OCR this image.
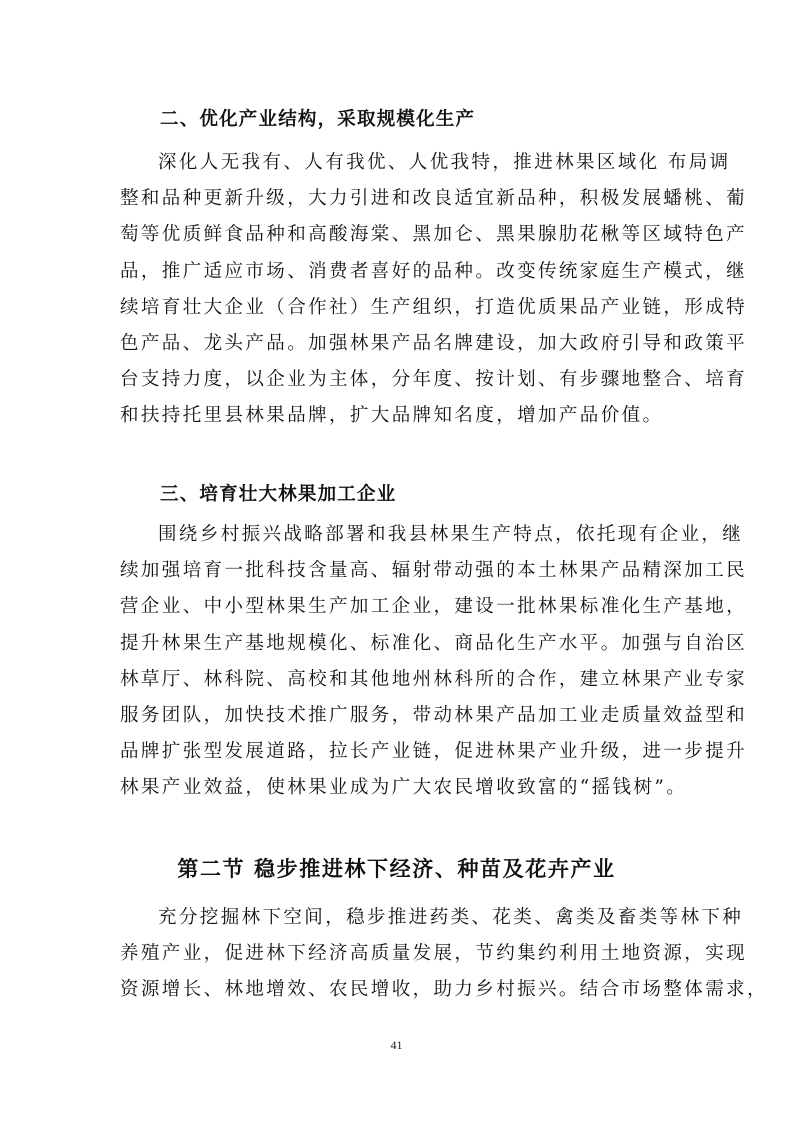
二、优化产业结构，采取规模化生产
深化人无我有、人有我优、人优我特，推进林果区域化 布局调
整和品种更新升级，大力引进和改良适宜新品种，积极发展蟠桃、葡
萄等优质鲜食品种和高酸海棠、黑加仑、黑果腺肋花楸等区域特色产
品，推广适应市场、消费者喜好的品种。改变传统家庭生产模式，继
续培育壮大企业（合作社）生产组织，打造优质果品产业链，形成特
色产品、龙头产品。加强林果产品名牌建设，加大政府引导和政策平
台支持力度，以企业为主体，分年度、按计划、有步骤地整合、培育
和扶持托里县林果品牌，扩大品牌知名度，增加产品价值。
三、培育壮大林果加工企业
围绕乡村振兴战略部署和我县林果生产特点，依托现有企业，继
续加强培育一批科技含量高、辐射带动强的本土林果产品精深加工民
营企业、中小型林果生产加工企业，建设一批林果标准化生产基地，
提升林果生产基地规模化、标准化、商品化生产水平。加强与自治区
林草厅、林科院、高校和其他地州林科所的合作，建立林果产业专家
服务团队，加快技术推广服务，带动林果产品加工业走质量效益型和
品牌扩张型发展道路，拉长产业链，促进林果产业升级，进一步提升
林果产业效益，使林果业成为广大农民增收致富的“摇钱树”。
第二节 稳步推进林下经济、种苗及花卉产业
充分挖掘林下空间，稳步推进药类、花类、禽类及畜类等林下种
养殖产业，促进林下经济高质量发展，节约集约利用土地资源，实现
资源增长、林地增效、农民增收，助力乡村振兴。结合市场整体需求，
41
